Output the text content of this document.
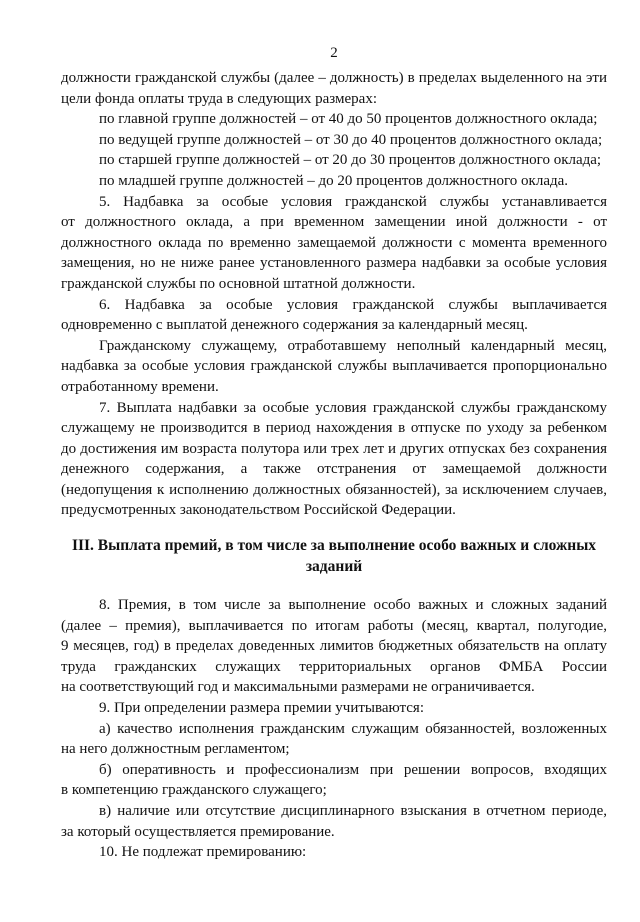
2
должности гражданской службы (далее – должность) в пределах выделенного на эти
цели фонда оплаты труда в следующих размерах:
по главной группе должностей – от 40 до 50 процентов должностного оклада;
по ведущей группе должностей – от 30 до 40 процентов должностного оклада;
по старшей группе должностей – от 20 до 30 процентов должностного оклада;
по младшей группе должностей – до 20 процентов должностного оклада.
5. Надбавка за особые условия гражданской службы устанавливается
от должностного оклада, а при временном замещении иной должности - от
должностного оклада по временно замещаемой должности с момента временного
замещения, но не ниже ранее установленного размера надбавки за особые условия
гражданской службы по основной штатной должности.
6. Надбавка за особые условия гражданской службы выплачивается
одновременно с выплатой денежного содержания за календарный месяц.
Гражданскому служащему, отработавшему неполный календарный месяц,
надбавка за особые условия гражданской службы выплачивается пропорционально
отработанному времени.
7. Выплата надбавки за особые условия гражданской службы гражданскому
служащему не производится в период нахождения в отпуске по уходу за ребенком
до достижения им возраста полутора или трех лет и других отпусках без сохранения
денежного содержания, а также отстранения от замещаемой должности
(недопущения к исполнению должностных обязанностей), за исключением случаев,
предусмотренных законодательством Российской Федерации.
III. Выплата премий, в том числе за выполнение особо важных и сложных
заданий
8. Премия, в том числе за выполнение особо важных и сложных заданий
(далее – премия), выплачивается по итогам работы (месяц, квартал, полугодие,
9 месяцев, год) в пределах доведенных лимитов бюджетных обязательств на оплату
труда гражданских служащих территориальных органов ФМБА России
на соответствующий год и максимальными размерами не ограничивается.
9. При определении размера премии учитываются:
а) качество исполнения гражданским служащим обязанностей, возложенных
на него должностным регламентом;
б) оперативность и профессионализм при решении вопросов, входящих
в компетенцию гражданского служащего;
в) наличие или отсутствие дисциплинарного взыскания в отчетном периоде,
за который осуществляется премирование.
10. Не подлежат премированию:
